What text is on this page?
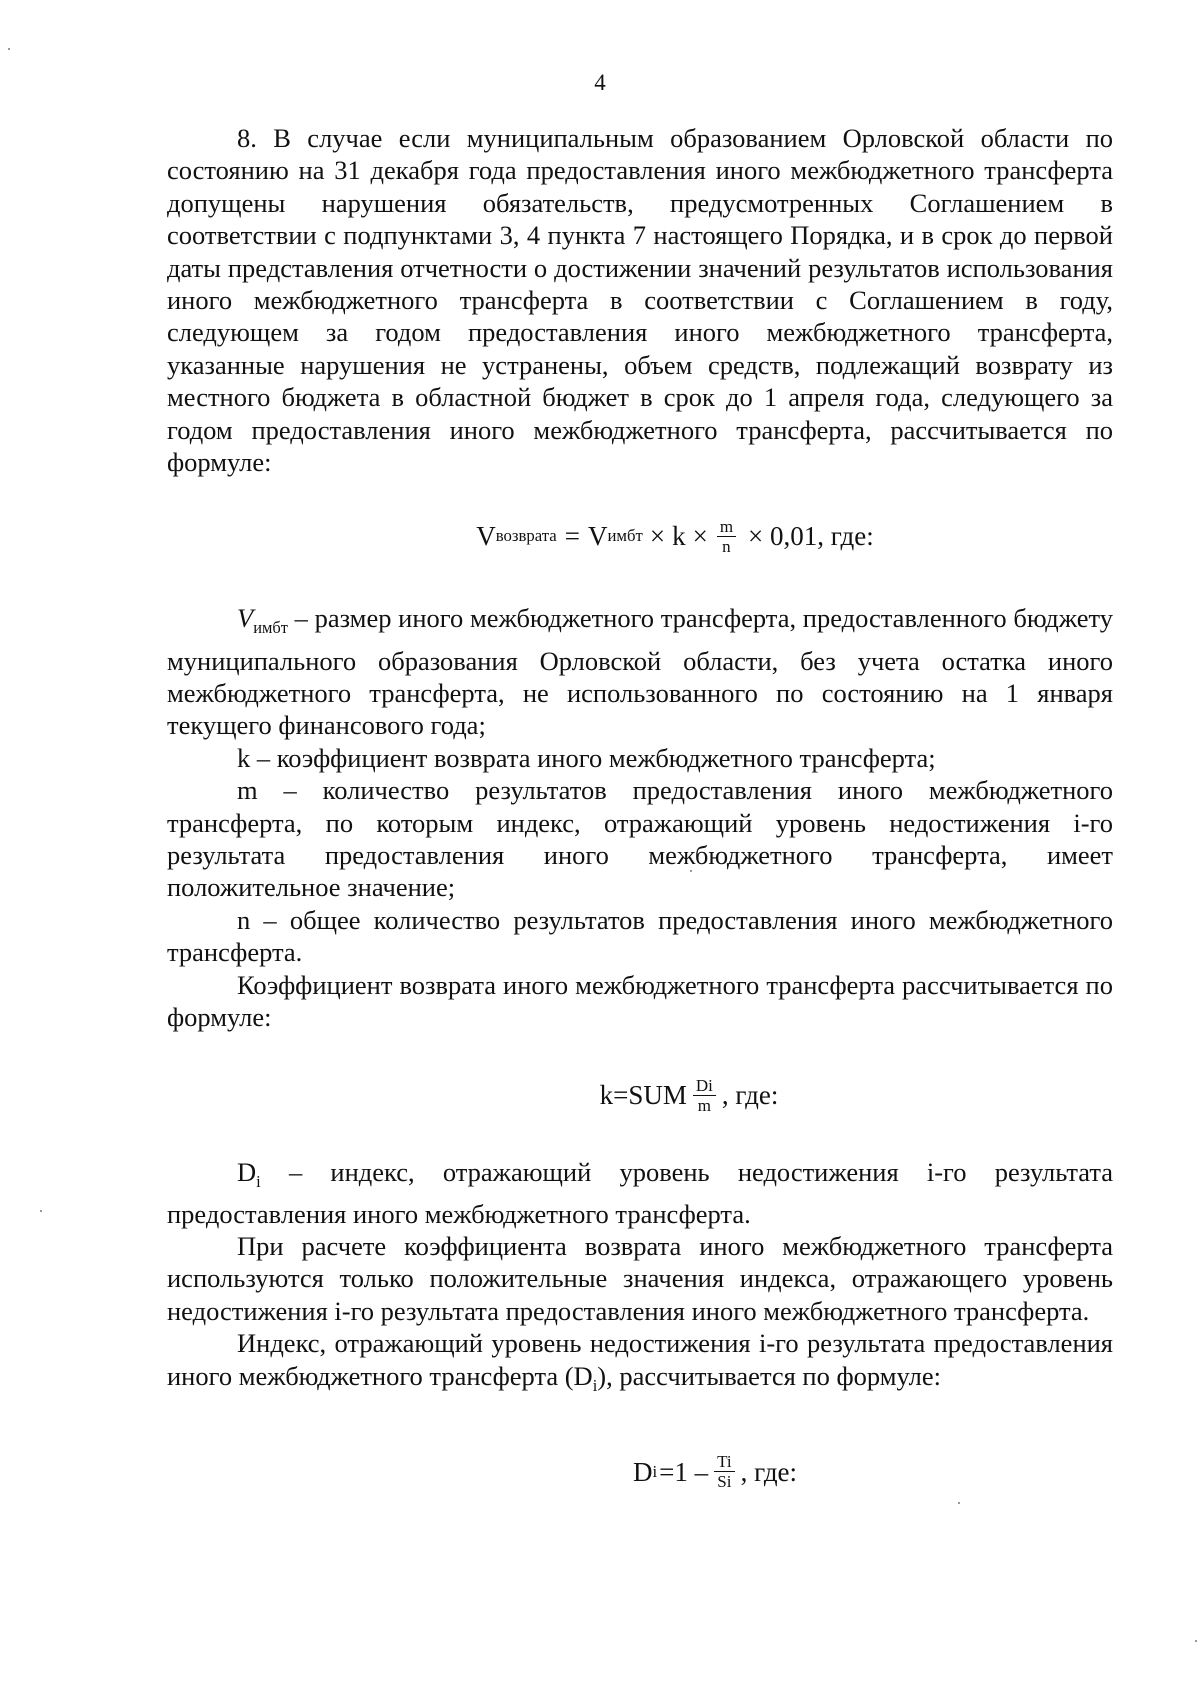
4

8. В случае если муниципальным образованием Орловской области по состоянию на 31 декабря года предоставления иного межбюджетного трансферта допущены нарушения обязательств, предусмотренных Соглашением в соответствии с подпунктами 3, 4 пункта 7 настоящего Порядка, и в срок до первой даты представления отчетности о достижении значений результатов использования иного межбюджетного трансферта в соответствии с Соглашением в году, следующем за годом предоставления иного межбюджетного трансферта, указанные нарушения не устранены, объем средств, подлежащий возврату из местного бюджета в областной бюджет в срок до 1 апреля года, следующего за годом предоставления иного межбюджетного трансферта, рассчитывается по формуле:

V возврата = V имбт × $k \times \frac{m}{n} \times 0,01$, где:

$V_{имбт}$ – размер иного межбюджетного трансферта, предоставленного бюджету муниципального образования Орловской области, без учета остатка иного межбюджетного трансферта, не использованного по состоянию на 1 января текущего финансового года;

k – коэффициент возврата иного межбюджетного трансферта;

m – количество результатов предоставления иного межбюджетного трансферта, по которым индекс, отражающий уровень недостижения i-го результата предоставления иного межбюджетного трансферта, имеет положительное значение;

n – общее количество результатов предоставления иного межбюджетного трансферта.

Коэффициент возврата иного межбюджетного трансферта рассчитывается по формуле:

$k=SUM \frac{Di}{m}$ , где:

$D_i$ – индекс, отражающий уровень недостижения i-го результата предоставления иного межбюджетного трансферта.

При расчете коэффициента возврата иного межбюджетного трансферта используются только положительные значения индекса, отражающего уровень недостижения i-го результата предоставления иного межбюджетного трансферта.

Индекс, отражающий уровень недостижения i-го результата предоставления иного межбюджетного трансферта $(D_i)$, рассчитывается по формуле:

D $i =1 - \frac{Ti}{Si}$ , где:
